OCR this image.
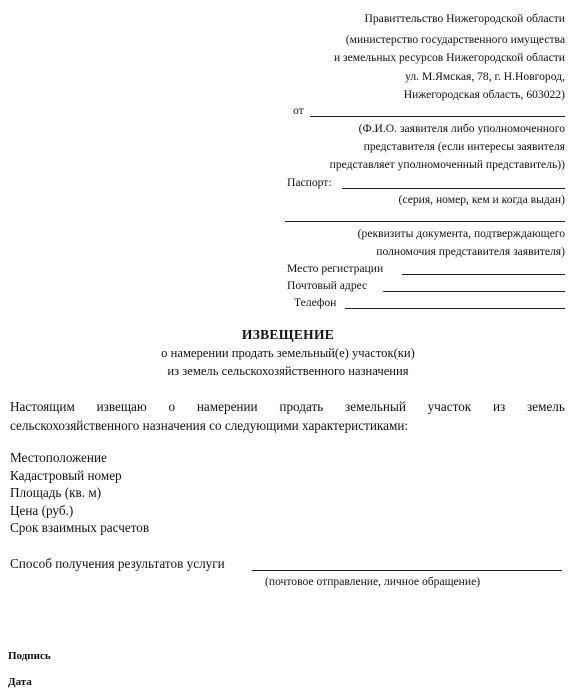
Правиттельство Нижегородской области
(министерство государственного имущества
и земельных ресурсов Нижегородской области
ул. М.Ямская, 78, г. Н.Новгород,
Нижегородская область, 603022)
от
(Ф.И.О. заявителя либо уполномоченного
представителя (если интересы заявителя
представляет уполномоченный представитель))
Паспорт:
(серия, номер, кем и когда выдан)
(реквизиты документа, подтверждающего
полномочия представителя заявителя)
Место регистрации
Почтовый адрес
Телефон
ИЗВЕЩЕНИЕ
о намерении продать земельный(е) участок(ки)
из земель сельскохозяйственного назначения
Настоящим извещаю о намерении продать земельный участок из земель
сельскохозяйственного назначения со следующими характеристиками:
Местоположение
Кадастровый номер
Площадь (кв. м)
Цена (руб.)
Срок взаимных расчетов
Способ получения результатов услуги
(почтовое отправление, личное обращение)
Подпись
Дата
